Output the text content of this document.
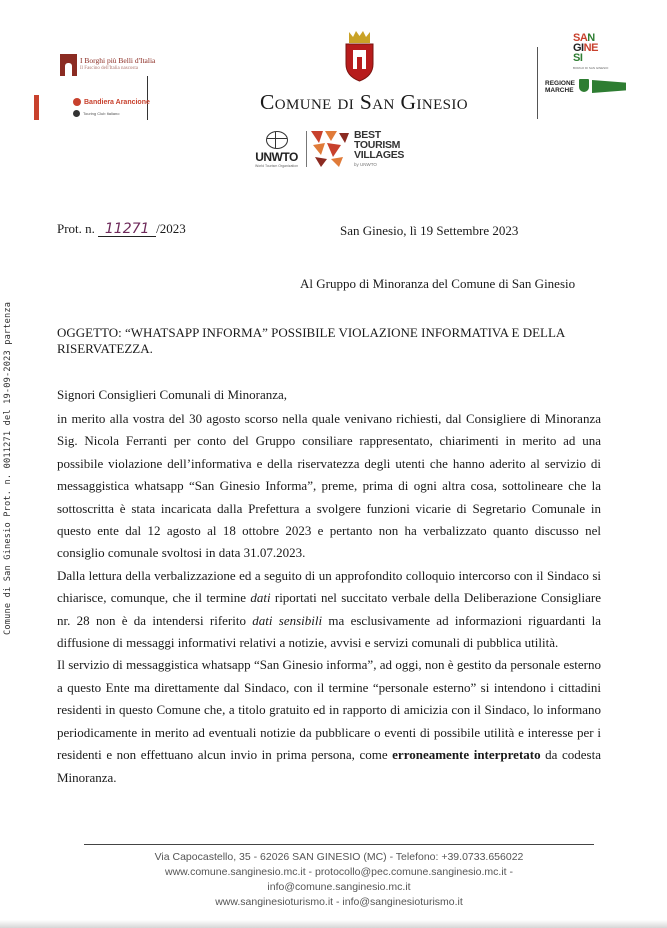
Comune di San Ginesio Prot. n. 0011271 del 19-09-2023 partenza
I Borghi più Belli d'Italia
Il Fascino dell'Italia nascosta
Bandiera Arancione
Touring Club Italiano	Comune di San Ginesio
UNWTO
World Tourism Organization
BEST
TOURISM
VILLAGES
by UNWTO
SAN
GINE
SI
BORGO DI SAN GINESIO
REGIONE
MARCHE
Prot. n. 11271 /2023	San Ginesio, lì 19 Settembre 2023
Al Gruppo di Minoranza del Comune di San Ginesio
OGGETTO: “WHATSAPP INFORMA” POSSIBILE VIOLAZIONE INFORMATIVA E DELLA RISERVATEZZA.
Signori Consiglieri Comunali di Minoranza,

in merito alla vostra del 30 agosto scorso nella quale venivano richiesti, dal Consigliere di Minoranza Sig. Nicola Ferranti per conto del Gruppo consiliare rappresentato, chiarimenti in merito ad una possibile violazione dell’informativa e della riservatezza degli utenti che hanno aderito al servizio di messaggistica whatsapp “San Ginesio Informa”, preme, prima di ogni altra cosa, sottolineare che la sottoscritta è stata incaricata dalla Prefettura a svolgere funzioni vicarie di Segretario Comunale in questo ente dal 12 agosto al 18 ottobre 2023 e pertanto non ha verbalizzato quanto discusso nel consiglio comunale svoltosi in data 31.07.2023.

Dalla lettura della verbalizzazione ed a seguito di un approfondito colloquio intercorso con il Sindaco si chiarisce, comunque, che il termine dati riportati nel succitato verbale della Deliberazione Consigliare nr. 28 non è da intendersi riferito dati sensibili ma esclusivamente ad informazioni riguardanti la diffusione di messaggi informativi relativi a notizie, avvisi e servizi comunali di pubblica utilità.

Il servizio di messaggistica whatsapp “San Ginesio informa”, ad oggi, non è gestito da personale esterno a questo Ente ma direttamente dal Sindaco, con il termine “personale esterno” si intendono i cittadini residenti in questo Comune che, a titolo gratuito ed in rapporto di amicizia con il Sindaco, lo informano periodicamente in merito ad eventuali notizie da pubblicare o eventi di possibile utilità e interesse per i residenti e non effettuano alcun invio in prima persona, come erroneamente interpretato da codesta Minoranza.

Via Capocastello, 35 - 62026 SAN GINESIO (MC) - Telefono: +39.0733.656022
www.comune.sanginesio.mc.it - protocollo@pec.comune.sanginesio.mc.it -
info@comune.sanginesio.mc.it
www.sanginesioturismo.it - info@sanginesioturismo.it
